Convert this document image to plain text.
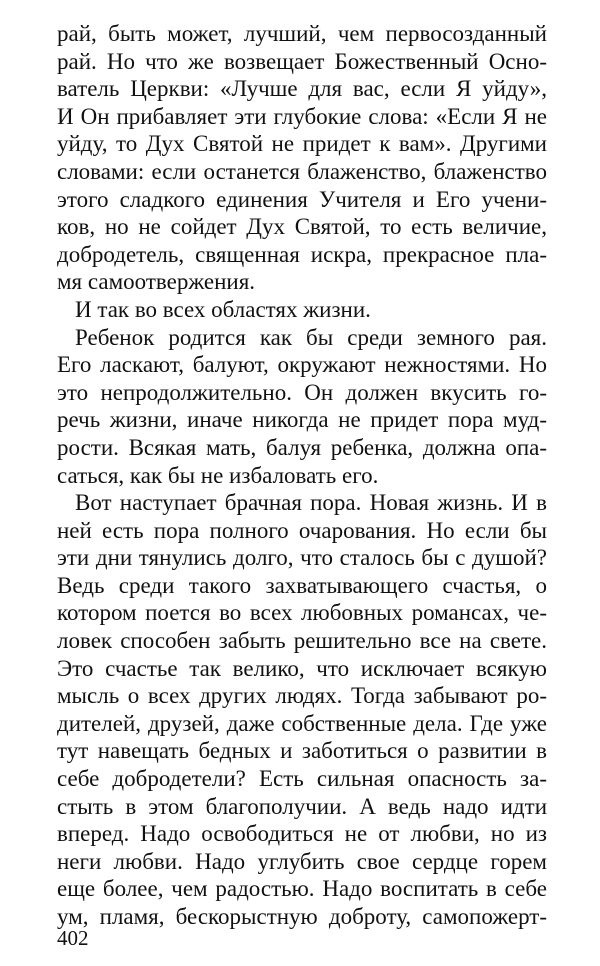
рай, быть может, лучший, чем первосозданный
рай. Но что же возвещает Божественный Осно-
ватель Церкви: «Лучше для вас, если Я уйду»,
И Он прибавляет эти глубокие слова: «Если Я не
уйду, то Дух Святой не придет к вам». Другими
словами: если останется блаженство, блаженство
этого сладкого единения Учителя и Его учени-
ков, но не сойдет Дух Святой, то есть величие,
добродетель, священная искра, прекрасное пла-
мя самоотвержения.
И так во всех областях жизни.
Ребенок родится как бы среди земного рая.
Его ласкают, балуют, окружают нежностями. Но
это непродолжительно. Он должен вкусить го-
речь жизни, иначе никогда не придет пора муд-
рости. Всякая мать, балуя ребенка, должна опа-
саться, как бы не избаловать его.
Вот наступает брачная пора. Новая жизнь. И в
ней есть пора полного очарования. Но если бы
эти дни тянулись долго, что сталось бы с душой?
Ведь среди такого захватывающего счастья, о
котором поется во всех любовных романсах, че-
ловек способен забыть решительно все на свете.
Это счастье так велико, что исключает всякую
мысль о всех других людях. Тогда забывают ро-
дителей, друзей, даже собственные дела. Где уже
тут навещать бедных и заботиться о развитии в
себе добродетели? Есть сильная опасность за-
стыть в этом благополучии. А ведь надо идти
вперед. Надо освободиться не от любви, но из
неги любви. Надо углубить свое сердце горем
еще более, чем радостью. Надо воспитать в себе
ум, пламя, бескорыстную доброту, самопожерт-
402
